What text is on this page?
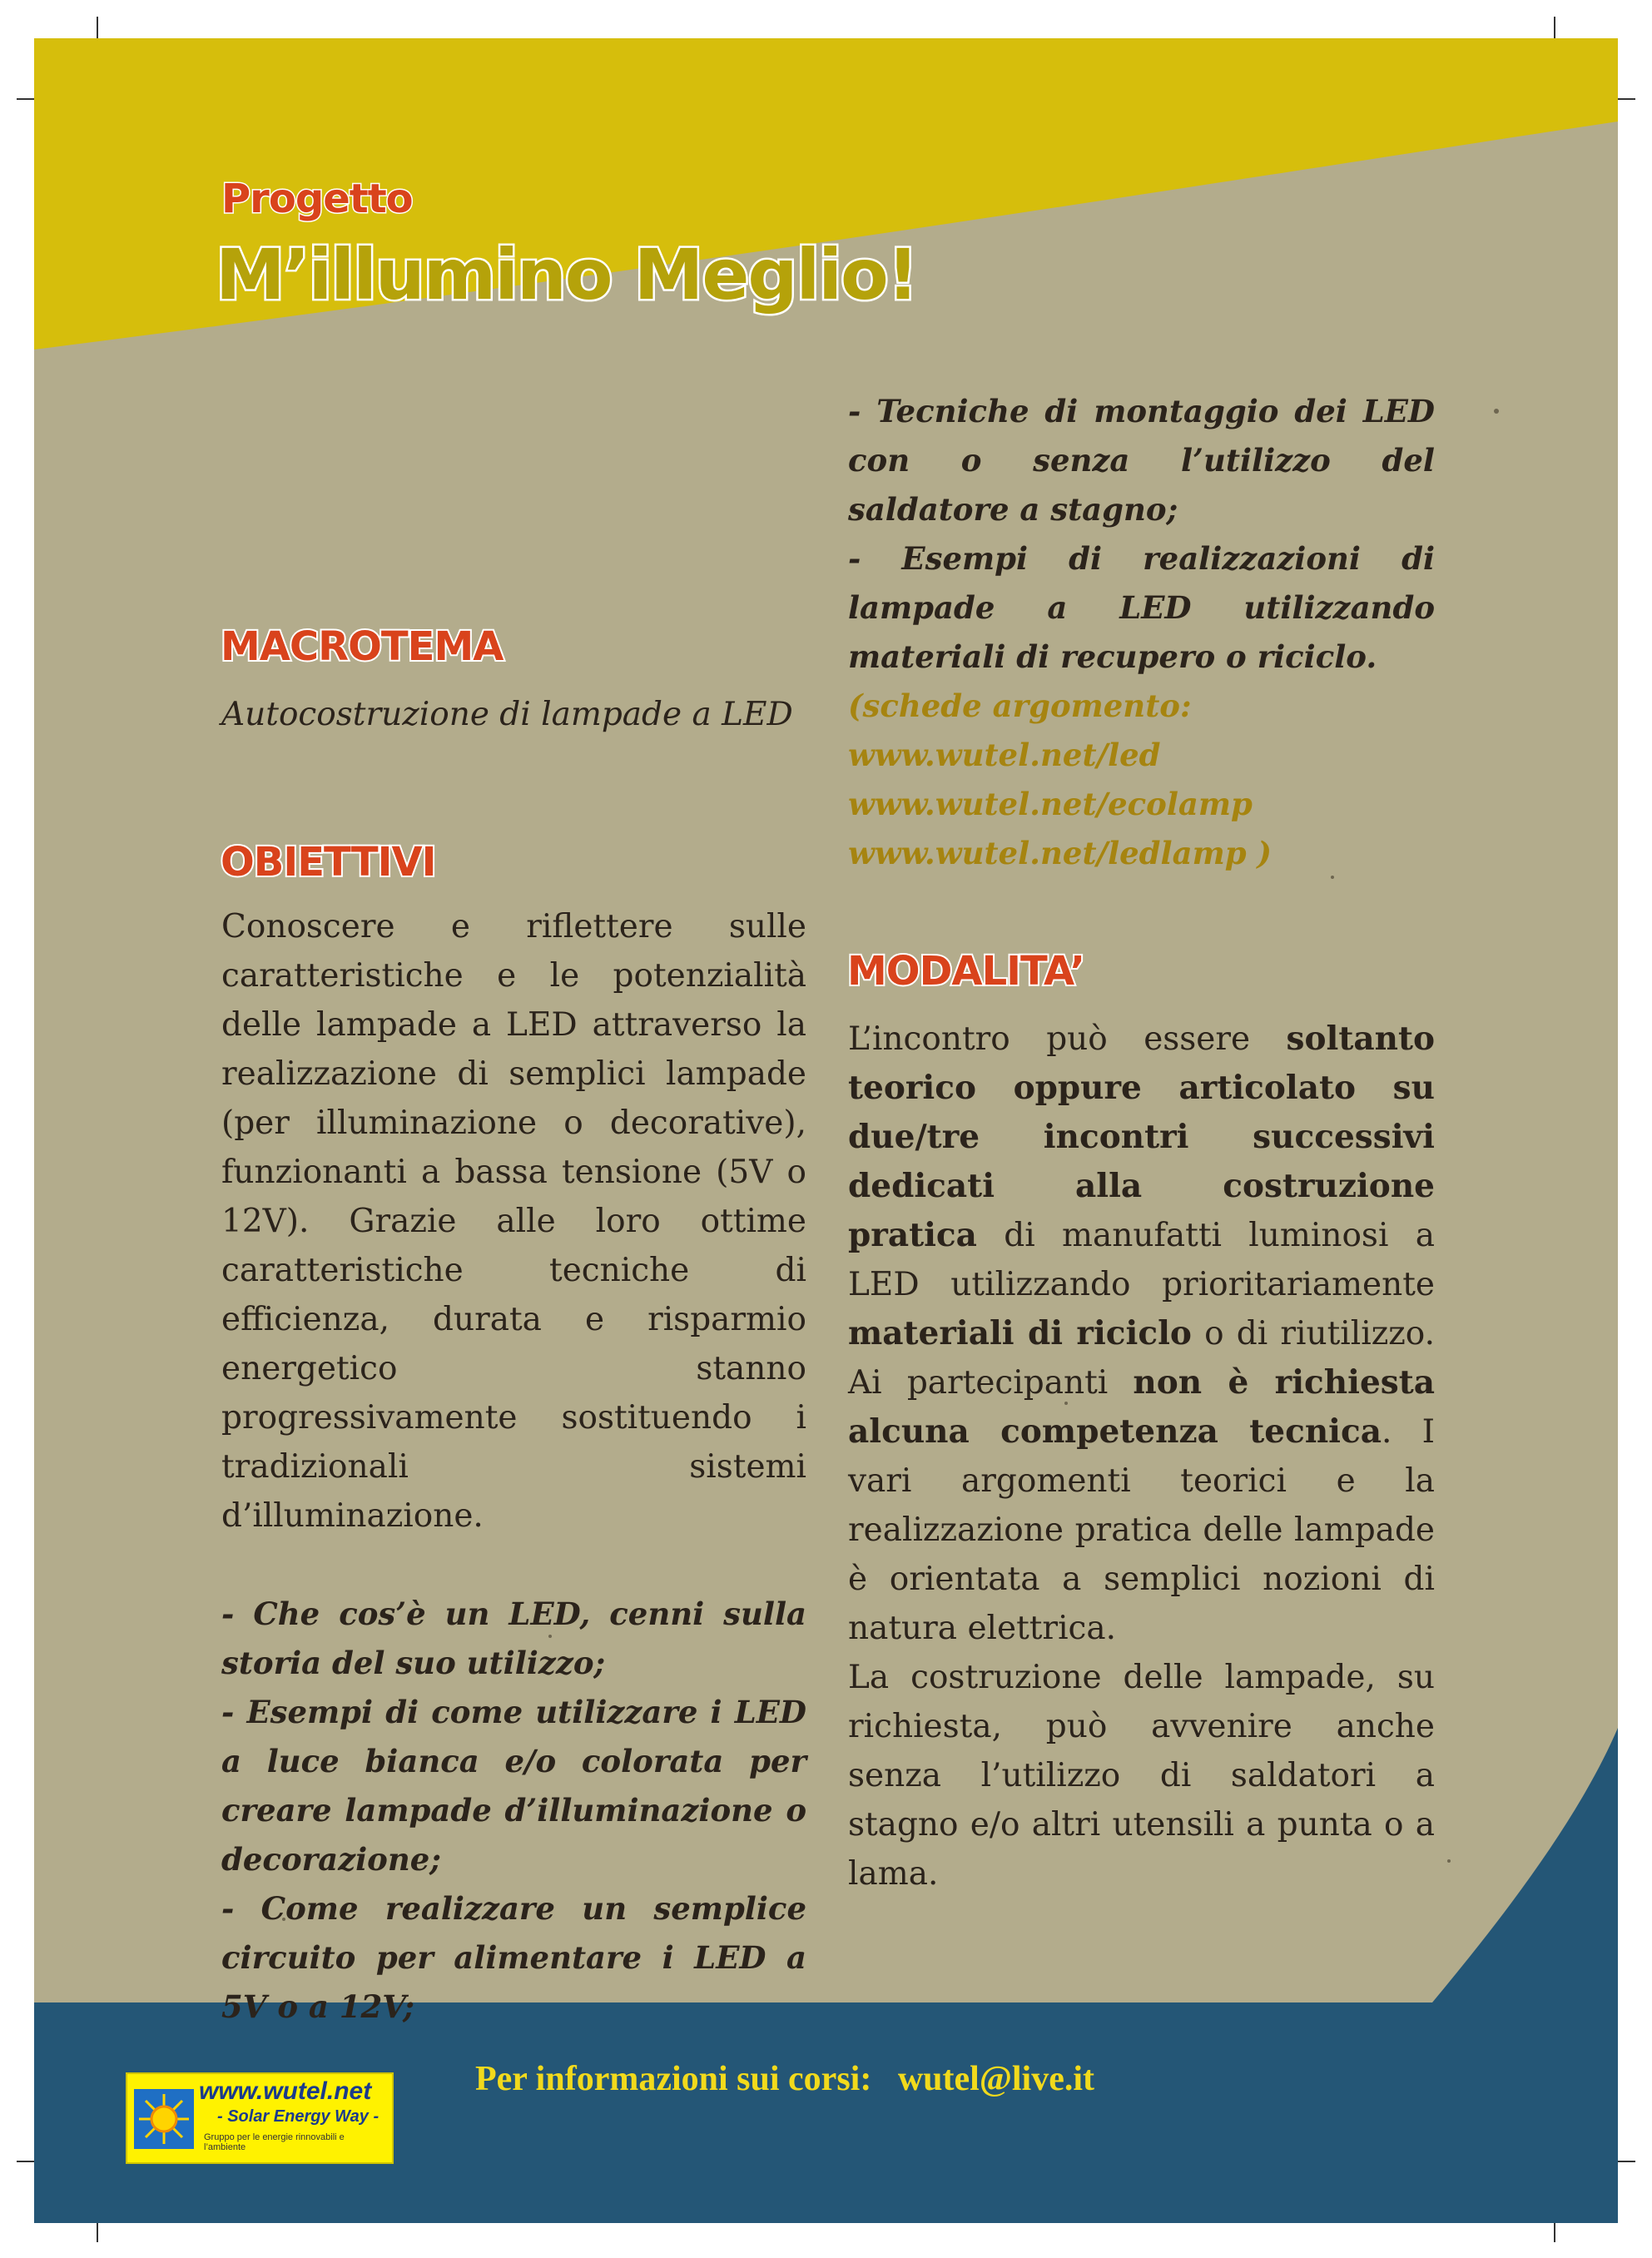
Progetto
M’illumino Meglio!
MACROTEMA

Autocostruzione di lampade a LED

OBIETTIVI

Conoscere e riflettere sulle caratteristiche e le potenzialità delle lampade a LED attraverso la realizzazione di semplici lampade (per illuminazione o decorative), funzionanti a bassa tensione (5V o 12V). Grazie alle loro ottime caratteristiche tecniche di efficienza, durata e risparmio energetico stanno progressivamente sostituendo i tradizionali sistemi d’illuminazione.

- Che cos’è un LED, cenni sulla storia del suo utilizzo;

- Esempi di come utilizzare i LED a luce bianca e/o colorata per creare lampade d’illuminazione o decorazione;

- Come realizzare un semplice circuito per alimentare i LED a 5V o a 12V;

- Tecniche di montaggio dei LED con o senza l’utilizzo del saldatore a stagno;

- Esempi di realizzazioni di lampade a LED utilizzando materiali di recupero o riciclo.

(schede argomento: www.wutel.net/led www.wutel.net/ecolamp www.wutel.net/ledlamp )

MODALITA’

L’incontro può essere soltanto teorico oppure articolato su due/tre incontri successivi dedicati alla costruzione pratica di manufatti luminosi a LED utilizzando prioritariamente materiali di riciclo o di riutilizzo. Ai partecipanti non è richiesta alcuna competenza tecnica. I vari argomenti teorici e la realizzazione pratica delle lampade è orientata a semplici nozioni di natura elettrica.

La costruzione delle lampade, su richiesta, può avvenire anche senza l’utilizzo di saldatori a stagno e/o altri utensili a punta o a lama.

www.wutel.net

- Solar Energy Way -

Gruppo per le energie rinnovabili e l’ambiente

Per informazioni sui corsi: wutel@live.it
